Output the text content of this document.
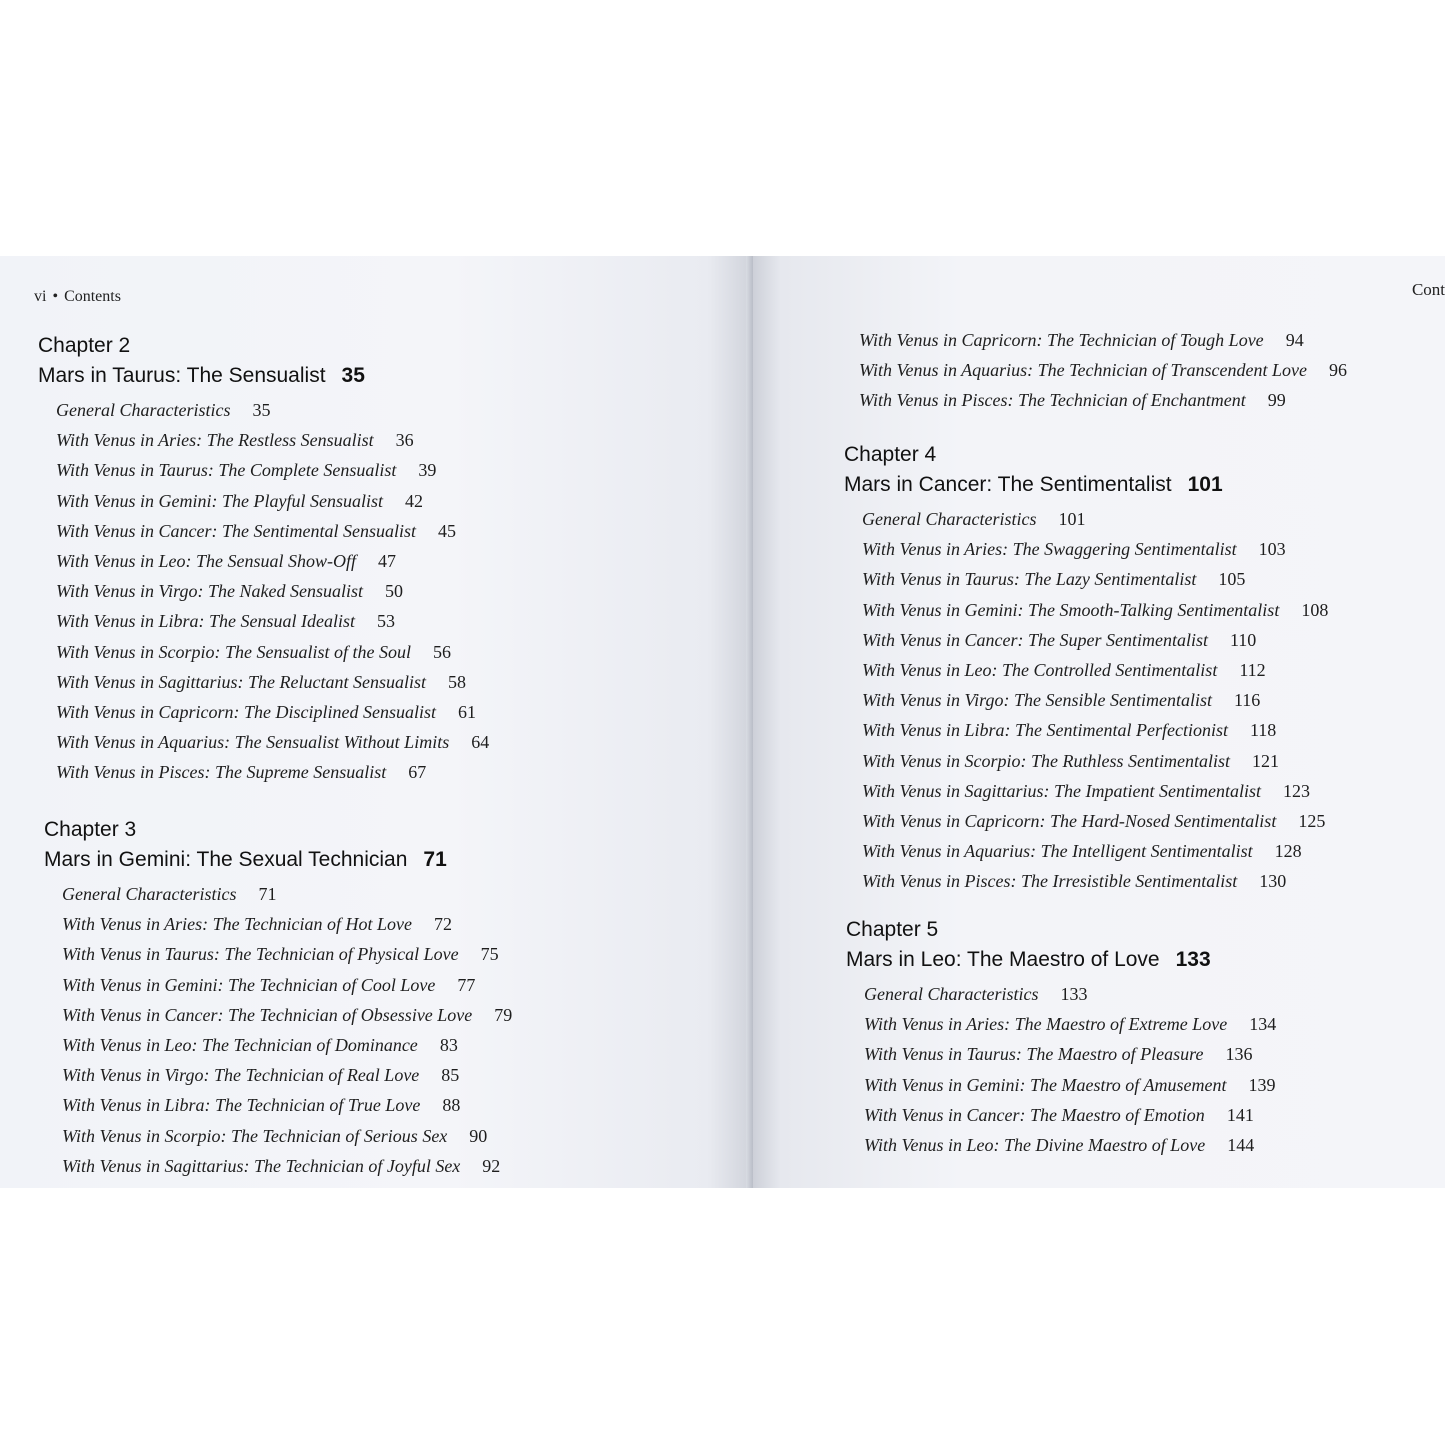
vi • Contents
Chapter 2
Mars in Taurus: The Sensualist 35
General Characteristics 35
With Venus in Aries: The Restless Sensualist 36
With Venus in Taurus: The Complete Sensualist 39
With Venus in Gemini: The Playful Sensualist 42
With Venus in Cancer: The Sentimental Sensualist 45
With Venus in Leo: The Sensual Show-Off 47
With Venus in Virgo: The Naked Sensualist 50
With Venus in Libra: The Sensual Idealist 53
With Venus in Scorpio: The Sensualist of the Soul 56
With Venus in Sagittarius: The Reluctant Sensualist 58
With Venus in Capricorn: The Disciplined Sensualist 61
With Venus in Aquarius: The Sensualist Without Limits 64
With Venus in Pisces: The Supreme Sensualist 67
Chapter 3
Mars in Gemini: The Sexual Technician 71
General Characteristics 71
With Venus in Aries: The Technician of Hot Love 72
With Venus in Taurus: The Technician of Physical Love 75
With Venus in Gemini: The Technician of Cool Love 77
With Venus in Cancer: The Technician of Obsessive Love 79
With Venus in Leo: The Technician of Dominance 83
With Venus in Virgo: The Technician of Real Love 85
With Venus in Libra: The Technician of True Love 88
With Venus in Scorpio: The Technician of Serious Sex 90
With Venus in Sagittarius: The Technician of Joyful Sex 92
Cont
With Venus in Capricorn: The Technician of Tough Love 94
With Venus in Aquarius: The Technician of Transcendent Love 96
With Venus in Pisces: The Technician of Enchantment 99
Chapter 4
Mars in Cancer: The Sentimentalist 101
General Characteristics 101
With Venus in Aries: The Swaggering Sentimentalist 103
With Venus in Taurus: The Lazy Sentimentalist 105
With Venus in Gemini: The Smooth-Talking Sentimentalist 108
With Venus in Cancer: The Super Sentimentalist 110
With Venus in Leo: The Controlled Sentimentalist 112
With Venus in Virgo: The Sensible Sentimentalist 116
With Venus in Libra: The Sentimental Perfectionist 118
With Venus in Scorpio: The Ruthless Sentimentalist 121
With Venus in Sagittarius: The Impatient Sentimentalist 123
With Venus in Capricorn: The Hard-Nosed Sentimentalist 125
With Venus in Aquarius: The Intelligent Sentimentalist 128
With Venus in Pisces: The Irresistible Sentimentalist 130
Chapter 5
Mars in Leo: The Maestro of Love 133
General Characteristics 133
With Venus in Aries: The Maestro of Extreme Love 134
With Venus in Taurus: The Maestro of Pleasure 136
With Venus in Gemini: The Maestro of Amusement 139
With Venus in Cancer: The Maestro of Emotion 141
With Venus in Leo: The Divine Maestro of Love 144
